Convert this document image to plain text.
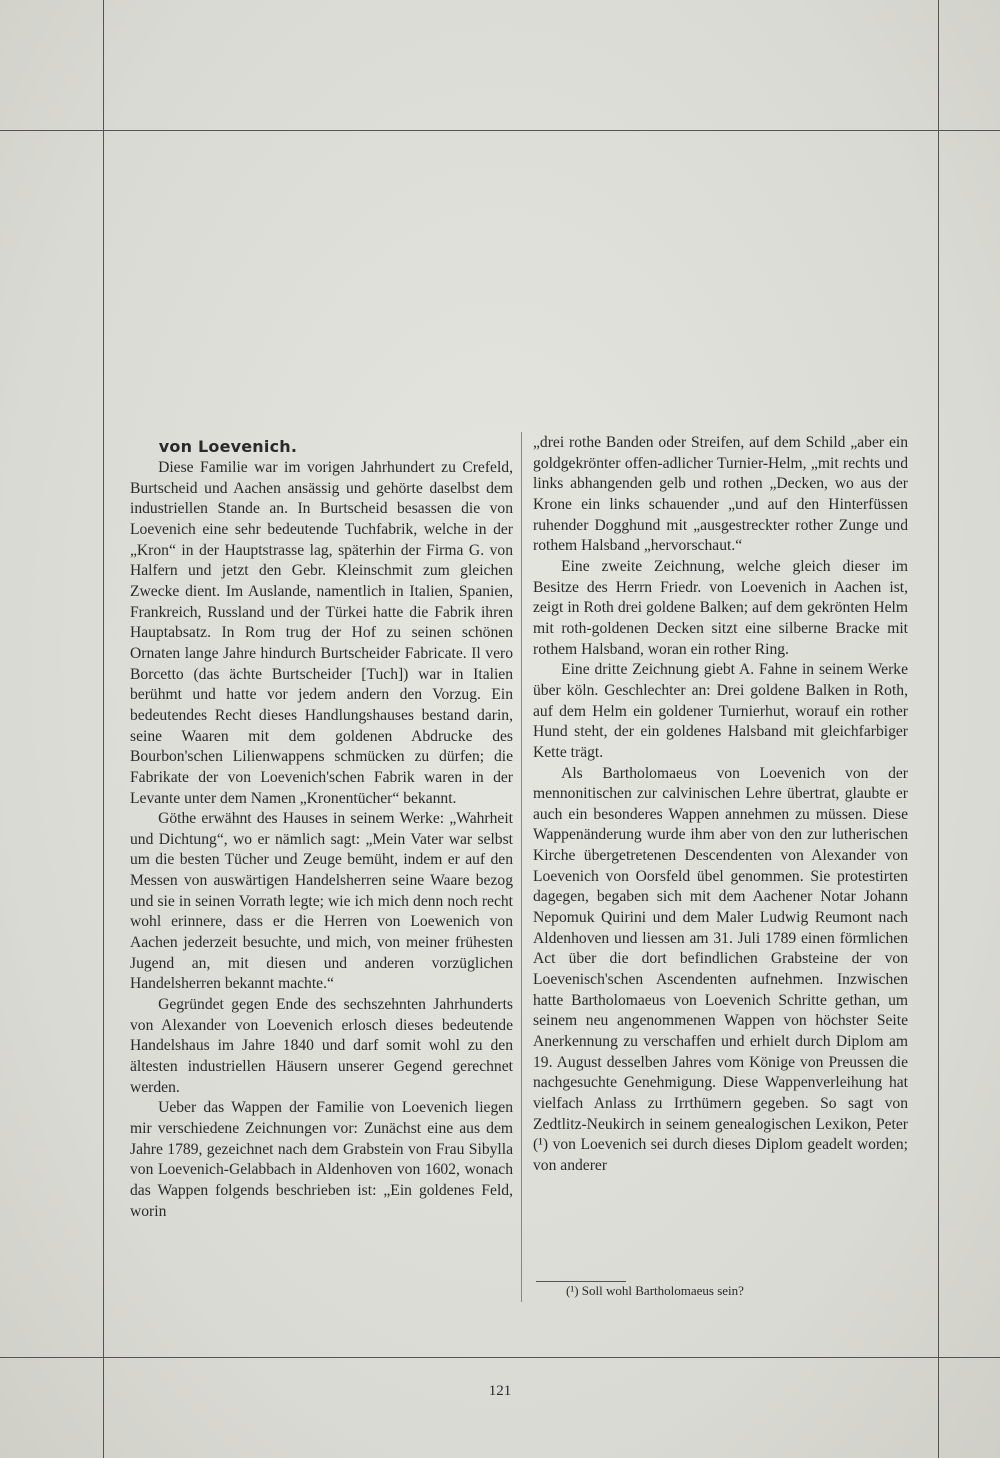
von Loevenich.

Diese Familie war im vorigen Jahrhundert zu Crefeld, Burtscheid und Aachen ansässig und gehörte daselbst dem industriellen Stande an. In Burtscheid besassen die von Loevenich eine sehr bedeutende Tuchfabrik, welche in der „Kron“ in der Hauptstrasse lag, späterhin der Firma G. von Halfern und jetzt den Gebr. Kleinschmit zum gleichen Zwecke dient. Im Auslande, namentlich in Italien, Spanien, Frankreich, Russland und der Türkei hatte die Fabrik ihren Hauptabsatz. In Rom trug der Hof zu seinen schönen Ornaten lange Jahre hindurch Burtscheider Fabricate. Il vero Borcetto (das ächte Burtscheider [Tuch]) war in Italien berühmt und hatte vor jedem andern den Vorzug. Ein bedeutendes Recht dieses Handlungshauses bestand darin, seine Waaren mit dem goldenen Abdrucke des Bourbon'schen Lilienwappens schmücken zu dürfen; die Fabrikate der von Loevenich'schen Fabrik waren in der Levante unter dem Namen „Kronentücher“ bekannt.

Göthe erwähnt des Hauses in seinem Werke: „Wahrheit und Dichtung“, wo er nämlich sagt: „Mein Vater war selbst um die besten Tücher und Zeuge bemüht, indem er auf den Messen von auswärtigen Handelsherren seine Waare bezog und sie in seinen Vorrath legte; wie ich mich denn noch recht wohl erinnere, dass er die Herren von Loewenich von Aachen jederzeit besuchte, und mich, von meiner frühesten Jugend an, mit diesen und anderen vorzüglichen Handelsherren bekannt machte.“

Gegründet gegen Ende des sechszehnten Jahrhunderts von Alexander von Loevenich erlosch dieses bedeutende Handelshaus im Jahre 1840 und darf somit wohl zu den ältesten industriellen Häusern unserer Gegend gerechnet werden.

Ueber das Wappen der Familie von Loevenich liegen mir verschiedene Zeichnungen vor: Zunächst eine aus dem Jahre 1789, gezeichnet nach dem Grabstein von Frau Sibylla von Loevenich-Gelabbach in Aldenhoven von 1602, wonach das Wappen folgends beschrieben ist: „Ein goldenes Feld, worin

„drei rothe Banden oder Streifen, auf dem Schild „aber ein goldgekrönter offen-adlicher Turnier-Helm, „mit rechts und links abhangenden gelb und rothen „Decken, wo aus der Krone ein links schauender „und auf den Hinterfüssen ruhender Dogghund mit „ausgestreckter rother Zunge und rothem Halsband „hervorschaut.“

Eine zweite Zeichnung, welche gleich dieser im Besitze des Herrn Friedr. von Loevenich in Aachen ist, zeigt in Roth drei goldene Balken; auf dem gekrönten Helm mit roth-goldenen Decken sitzt eine silberne Bracke mit rothem Halsband, woran ein rother Ring.

Eine dritte Zeichnung giebt A. Fahne in seinem Werke über köln. Geschlechter an: Drei goldene Balken in Roth, auf dem Helm ein goldener Turnierhut, worauf ein rother Hund steht, der ein goldenes Halsband mit gleichfarbiger Kette trägt.

Als Bartholomaeus von Loevenich von der mennonitischen zur calvinischen Lehre übertrat, glaubte er auch ein besonderes Wappen annehmen zu müssen. Diese Wappenänderung wurde ihm aber von den zur lutherischen Kirche übergetretenen Descendenten von Alexander von Loevenich von Oorsfeld übel genommen. Sie protestirten dagegen, begaben sich mit dem Aachener Notar Johann Nepomuk Quirini und dem Maler Ludwig Reumont nach Aldenhoven und liessen am 31. Juli 1789 einen förmlichen Act über die dort befindlichen Grabsteine der von Loevenisch'schen Ascendenten aufnehmen. Inzwischen hatte Bartholomaeus von Loevenich Schritte gethan, um seinem neu angenommenen Wappen von höchster Seite Anerkennung zu verschaffen und erhielt durch Diplom am 19. August desselben Jahres vom Könige von Preussen die nachgesuchte Genehmigung. Diese Wappenverleihung hat vielfach Anlass zu Irrthümern gegeben. So sagt von Zedtlitz-Neukirch in seinem genealogischen Lexikon, Peter (¹) von Loevenich sei durch dieses Diplom geadelt worden; von anderer

(¹) Soll wohl Bartholomaeus sein?
121
